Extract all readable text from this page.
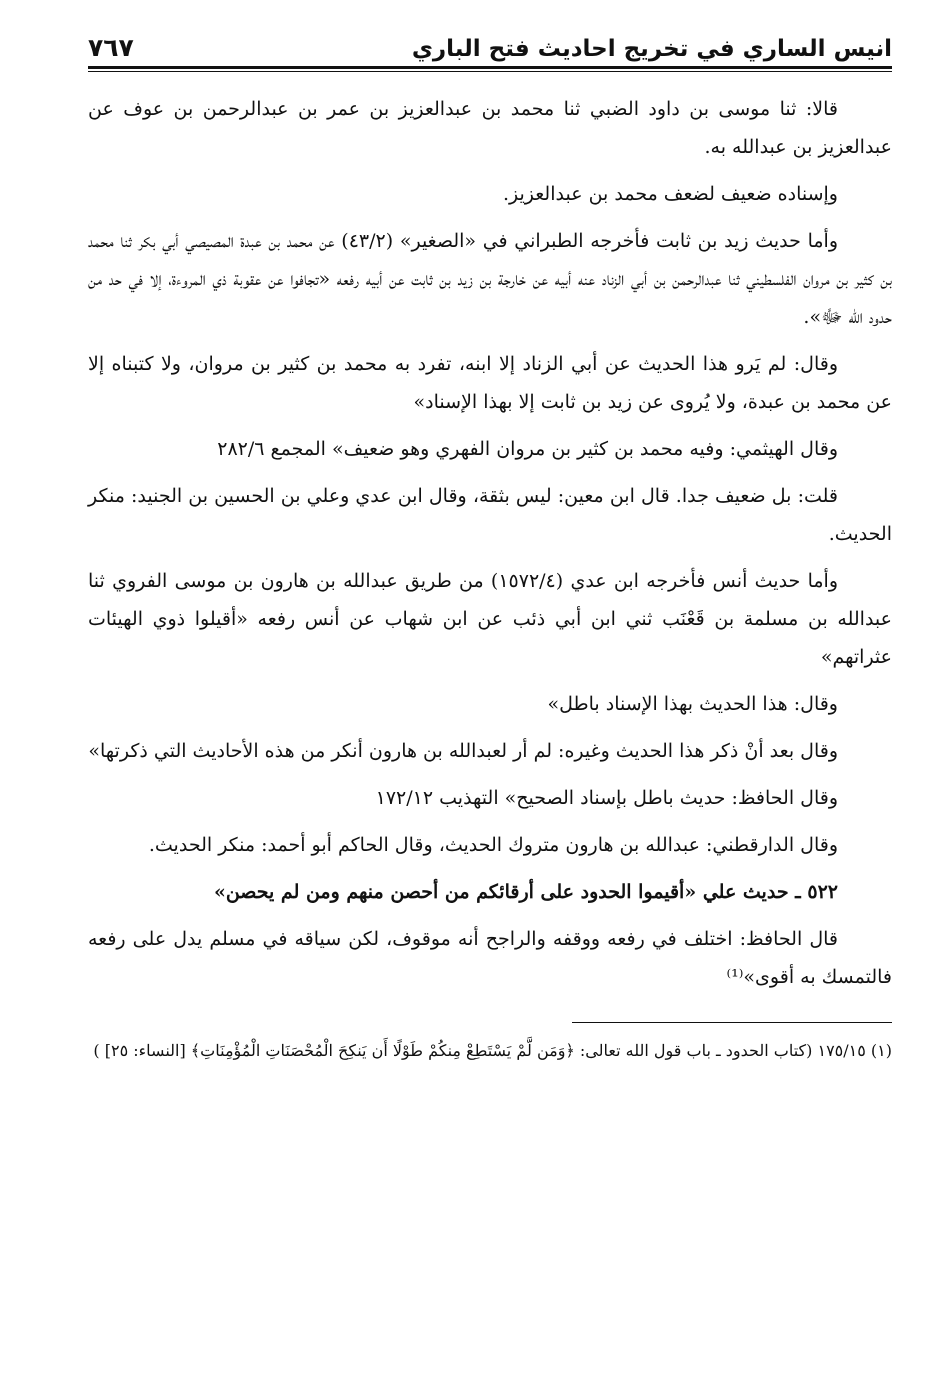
انيس الساري في تخريج احاديث فتح الباري
٧٦٧

قالا: ثنا موسى بن داود الضبي ثنا محمد بن عبدالعزيز بن عمر بن عبدالرحمن بن عوف عن عبدالعزيز بن عبدالله به.

وإسناده ضعيف لضعف محمد بن عبدالعزيز.

وأما حديث زيد بن ثابت فأخرجه الطبراني في «الصغير» (٤٣/٢) عن محمد بن عبدة المصيصي أبي بكر ثنا محمد بن كثير بن مروان الفلسطيني ثنا عبدالرحمن بن أبي الزناد عنه أبيه عن خارجة بن زيد بن ثابت عن أبيه رفعه «تجافوا عن عقوبة ذي المروءة، إلا في حد من حدود الله ﷻ».

وقال: لم يَرو هذا الحديث عن أبي الزناد إلا ابنه، تفرد به محمد بن كثير بن مروان، ولا كتبناه إلا عن محمد بن عبدة، ولا يُروى عن زيد بن ثابت إلا بهذا الإسناد»

وقال الهيثمي: وفيه محمد بن كثير بن مروان الفهري وهو ضعيف» المجمع ٢٨٢/٦

قلت: بل ضعيف جدا. قال ابن معين: ليس بثقة، وقال ابن عدي وعلي بن الحسين بن الجنيد: منكر الحديث.

وأما حديث أنس فأخرجه ابن عدي (١٥٧٢/٤) من طريق عبدالله بن هارون بن موسى الفروي ثنا عبدالله بن مسلمة بن قَعْنَب ثني ابن أبي ذئب عن ابن شهاب عن أنس رفعه «أقيلوا ذوي الهيئات عثراتهم»

وقال: هذا الحديث بهذا الإسناد باطل»

وقال بعد أنْ ذكر هذا الحديث وغيره: لم أر لعبدالله بن هارون أنكر من هذه الأحاديث التي ذكرتها»

وقال الحافظ: حديث باطل بإسناد الصحيح» التهذيب ١٧٢/١٢

وقال الدارقطني: عبدالله بن هارون متروك الحديث، وقال الحاكم أبو أحمد: منكر الحديث.

٥٢٢ ـ حديث علي «أقيموا الحدود على أرقائكم من أحصن منهم ومن لم يحصن»

قال الحافظ: اختلف في رفعه ووقفه والراجح أنه موقوف، لكن سياقه في مسلم يدل على رفعه فالتمسك به أقوى»⁽¹⁾

(١) ١٧٥/١٥ (كتاب الحدود ـ باب قول الله تعالى: ﴿وَمَن لَّمْ يَسْتَطِعْ مِنكُمْ طَوْلًا أَن يَنكِحَ الْمُحْصَنَاتِ الْمُؤْمِنَاتِ﴾ [النساء: ٢٥] )
